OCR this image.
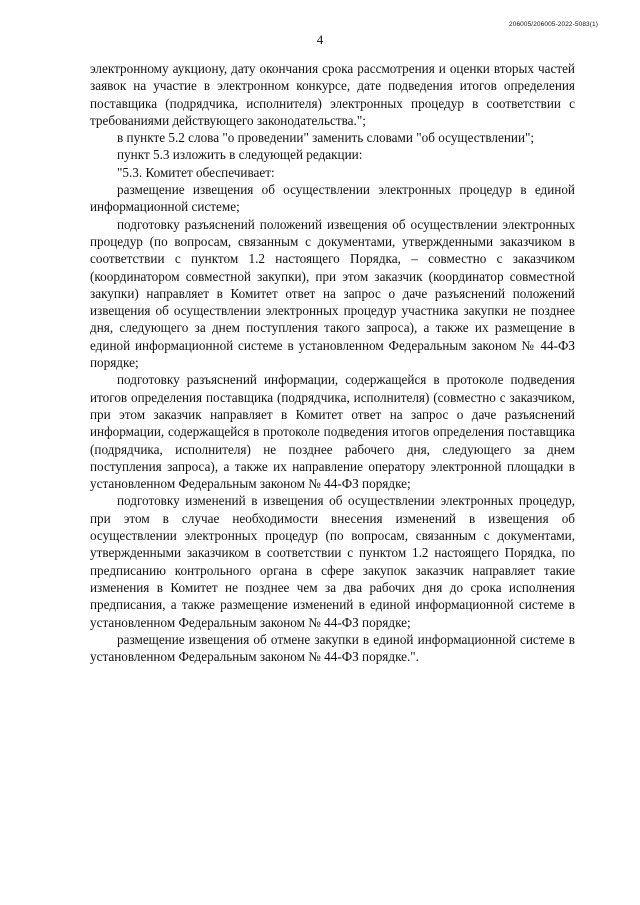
206005/206005-2022-5083(1)
4

электронному аукциону, дату окончания срока рассмотрения и оценки вторых частей заявок на участие в электронном конкурсе, дате подведения итогов определения поставщика (подрядчика, исполнителя) электронных процедур в соответствии с требованиями действующего законодательства.";

в пункте 5.2 слова "о проведении" заменить словами "об осуществлении";

пункт 5.3 изложить в следующей редакции:

"5.3. Комитет обеспечивает:

размещение извещения об осуществлении электронных процедур в единой информационной системе;

подготовку разъяснений положений извещения об осуществлении электронных процедур (по вопросам, связанным с документами, утвержденными заказчиком в соответствии с пунктом 1.2 настоящего Порядка, – совместно с заказчиком (координатором совместной закупки), при этом заказчик (координатор совместной закупки) направляет в Комитет ответ на запрос о даче разъяснений положений извещения об осуществлении электронных процедур участника закупки не позднее дня, следующего за днем поступления такого запроса), а также их размещение в единой информационной системе в установленном Федеральным законом № 44-ФЗ порядке;

подготовку разъяснений информации, содержащейся в протоколе подведения итогов определения поставщика (подрядчика, исполнителя) (совместно с заказчиком, при этом заказчик направляет в Комитет ответ на запрос о даче разъяснений информации, содержащейся в протоколе подведения итогов определения поставщика (подрядчика, исполнителя) не позднее рабочего дня, следующего за днем поступления запроса), а также их направление оператору электронной площадки в установленном Федеральным законом № 44-ФЗ порядке;

подготовку изменений в извещения об осуществлении электронных процедур, при этом в случае необходимости внесения изменений в извещения об осуществлении электронных процедур (по вопросам, связанным с документами, утвержденными заказчиком в соответствии с пунктом 1.2 настоящего Порядка, по предписанию контрольного органа в сфере закупок заказчик направляет такие изменения в Комитет не позднее чем за два рабочих дня до срока исполнения предписания, а также размещение изменений в единой информационной системе в установленном Федеральным законом № 44-ФЗ порядке;

размещение извещения об отмене закупки в единой информационной системе в установленном Федеральным законом № 44-ФЗ порядке.".
